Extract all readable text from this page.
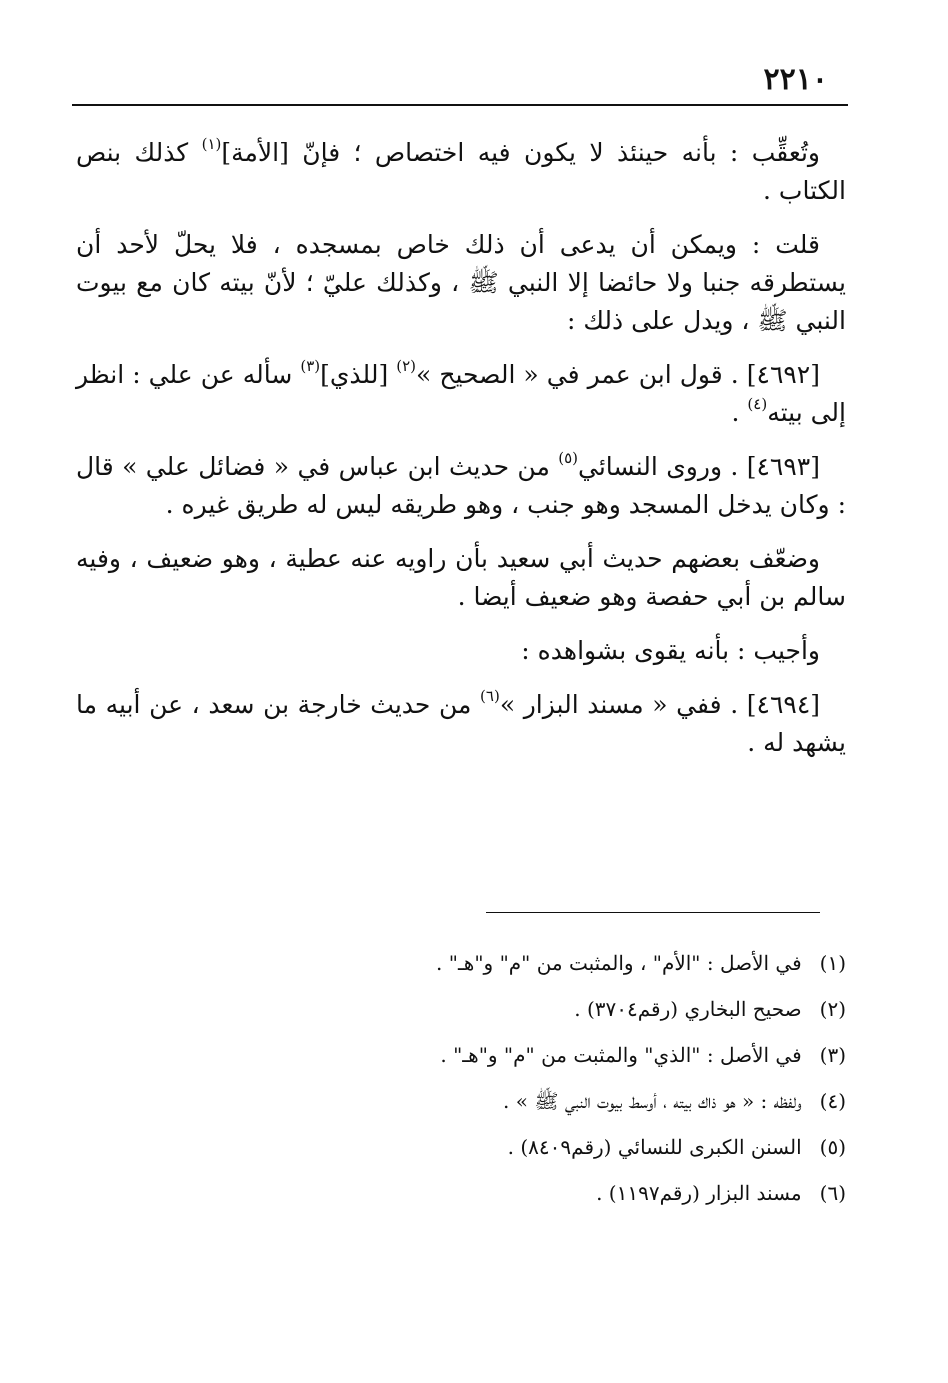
٢٢١٠

وتُعقِّب : بأنه حينئذ لا يكون فيه اختصاص ؛ فإنّ [الأمة]$^{(١)}$ كذلك بنص الكتاب .

قلت : ويمكن أن يدعى أن ذلك خاص بمسجده ، فلا يحلّ لأحد أن يستطرقه جنبا ولا حائضا إلا النبي ﷺ ، وكذلك عليّ ؛ لأنّ بيته كان مع بيوت النبي ﷺ ، ويدل على ذلك :

[٤٦٩٢] . قول ابن عمر في « الصحيح »$^{(٢)}$ [للذي]$^{(٣)}$ سأله عن علي : انظر إلى بيته$^{(٤)}$ .

[٤٦٩٣] . وروى النسائي$^{(٥)}$ من حديث ابن عباس في « فضائل علي » قال : وكان يدخل المسجد وهو جنب ، وهو طريقه ليس له طريق غيره .

وضعّف بعضهم حديث أبي سعيد بأن راويه عنه عطية ، وهو ضعيف ، وفيه سالم بن أبي حفصة وهو ضعيف أيضا .

وأجيب : بأنه يقوى بشواهده :

[٤٦٩٤] . ففي « مسند البزار »$^{(٦)}$ من حديث خارجة بن سعد ، عن أبيه ما يشهد له .

(١) في الأصل : "الأم" ، والمثبت من "م" و"هـ" .
(٢) صحيح البخاري (رقم٣٧٠٤) .
(٣) في الأصل : "الذي" والمثبت من "م" و"هـ" .
(٤) ولفظه : « هو ذاك بيته ، أوسط بيوت النبي ﷺ » .
(٥) السنن الكبرى للنسائي (رقم٨٤٠٩) .
(٦) مسند البزار (رقم١١٩٧) .
